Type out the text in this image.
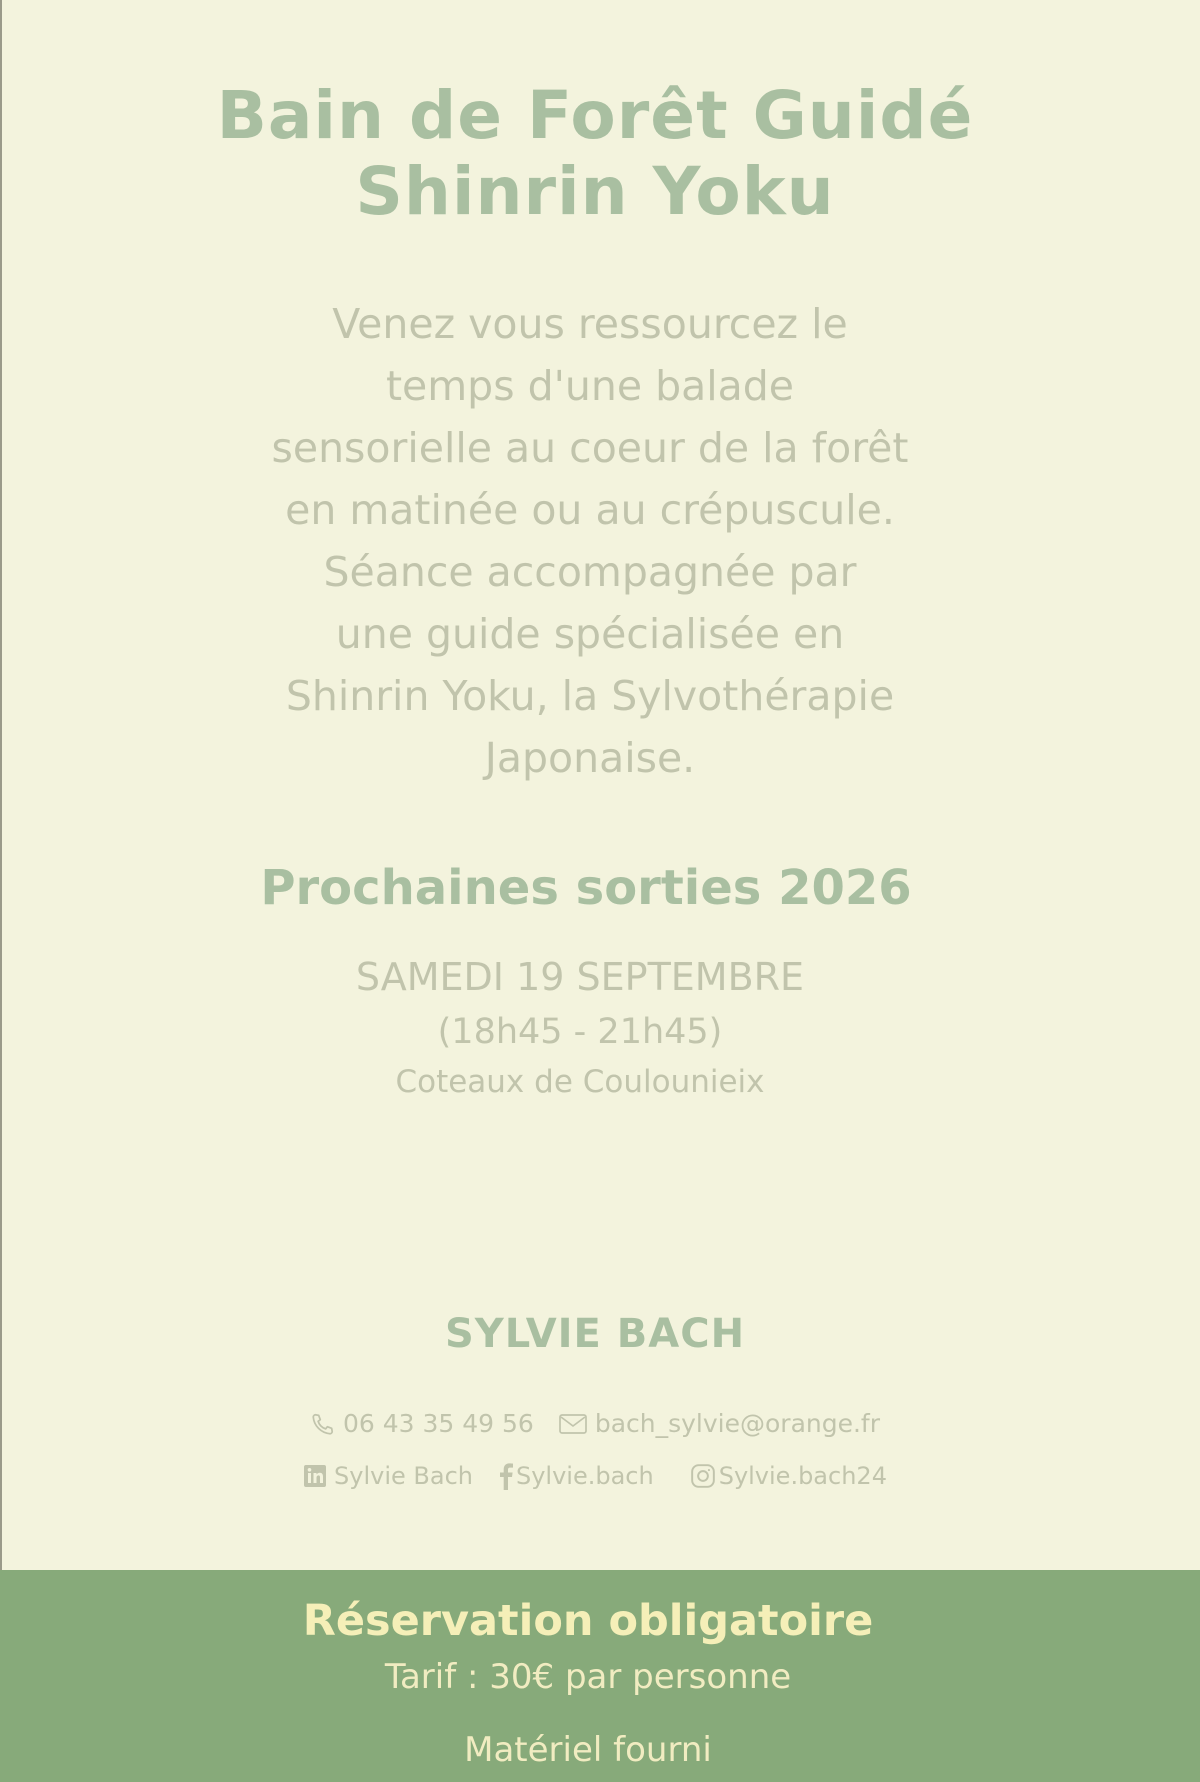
Bain de Forêt Guidé
Shinrin Yoku

Venez vous ressourcez le
temps d'une balade
sensorielle au coeur de la forêt
en matinée ou au crépuscule.
Séance accompagnée par
une guide spécialisée en
Shinrin Yoku, la Sylvothérapie
Japonaise.

Prochaines sorties 2026
SAMEDI 19 SEPTEMBRE
(18h45 - 21h45)
Coteaux de Coulounieix
SYLVIE BACH
06 43 35 49 56 bach_sylvie@orange.fr
Sylvie Bach Sylvie.bach	Sylvie.bach24
Réservation obligatoire
Tarif : 30€ par personne
Matériel fourni
